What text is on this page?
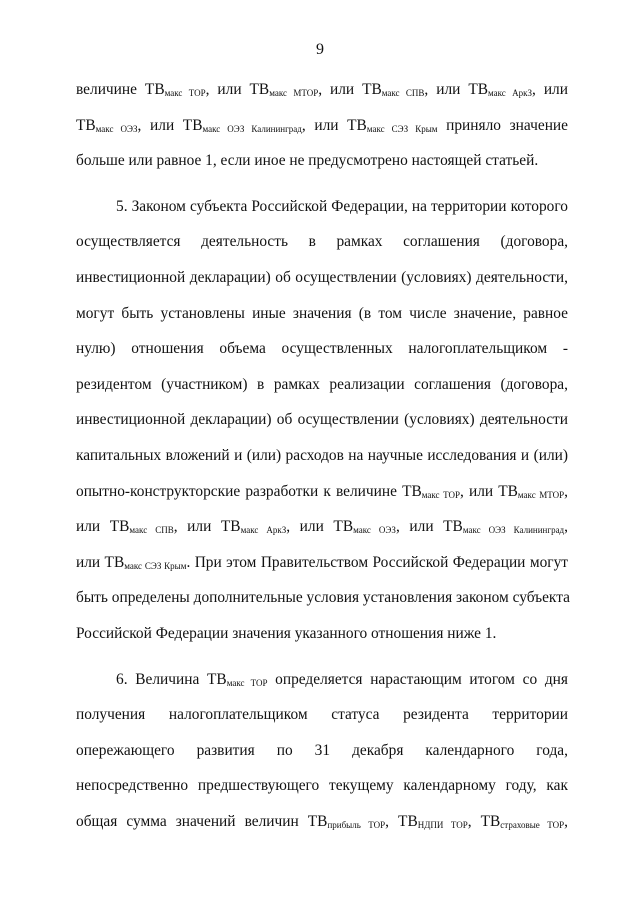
9

величине $ТВ_{макс ТОР}$, или $ТВ_{макс МТОР}$, или $ТВ_{макс СПВ}$, или $ТВ_{макс АркЗ}$, или
$ТВ_{макс ОЭЗ}$, или $ТВ_{макс ОЭЗ Калининград}$, или $ТВ_{макс СЭЗ Крым}$ приняло значение
больше или равное 1, если иное не предусмотрено настоящей статьей.

5. Законом субъекта Российской Федерации, на территории которого
осуществляется деятельность в рамках соглашения (договора,
инвестиционной декларации) об осуществлении (условиях) деятельности,
могут быть установлены иные значения (в том числе значение, равное
нулю) отношения объема осуществленных налогоплательщиком -
резидентом (участником) в рамках реализации соглашения (договора,
инвестиционной декларации) об осуществлении (условиях) деятельности
капитальных вложений и (или) расходов на научные исследования и (или)
опытно-конструкторские разработки к величине $ТВ_{макс ТОР}$, или $ТВ_{макс МТОР}$,
или $ТВ_{макс СПВ}$, или $ТВ_{макс АркЗ}$, или $ТВ_{макс ОЭЗ}$, или $ТВ_{макс ОЭЗ Калининград}$,
или $ТВ_{макс СЭЗ Крым}$. При этом Правительством Российской Федерации могут
быть определены дополнительные условия установления законом субъекта
Российской Федерации значения указанного отношения ниже 1.

6. Величина $ТВ_{макс ТОР}$ определяется нарастающим итогом со дня
получения налогоплательщиком статуса резидента территории
опережающего развития по 31 декабря календарного года,
непосредственно предшествующего текущему календарному году, как
общая сумма значений величин $ТВ_{прибыль ТОР}$, $ТВ_{НДПИ ТОР}$, $ТВ_{страховые ТОР}$,
